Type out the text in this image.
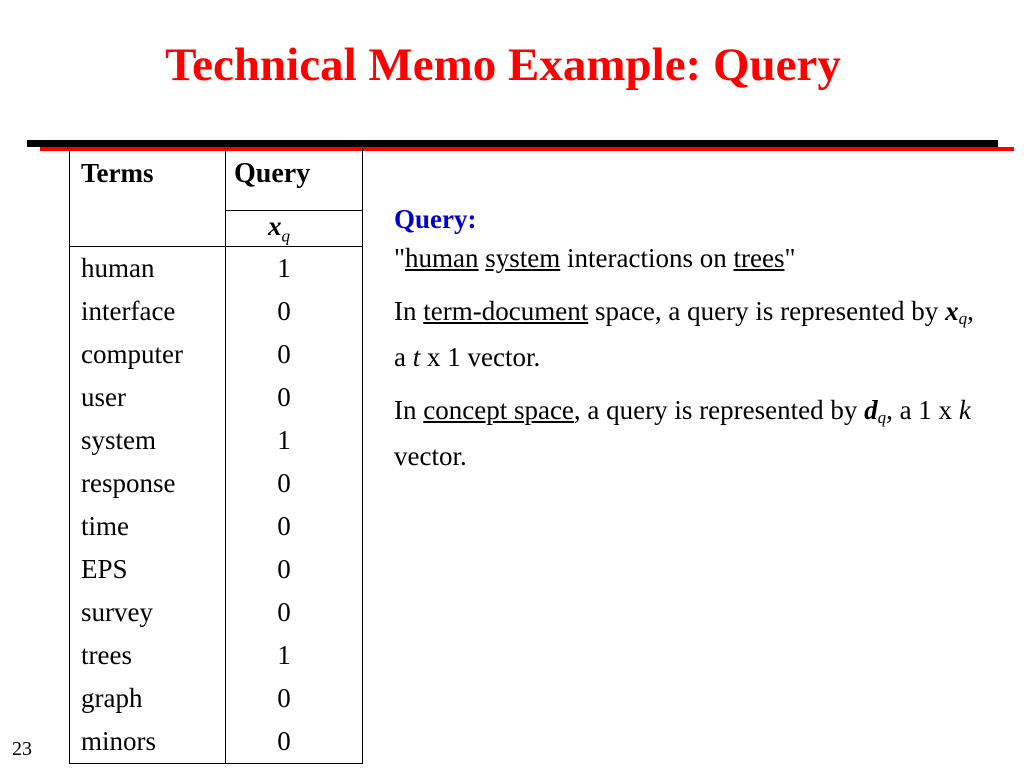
Technical Memo Example: Query
Terms	Query
	$x_q$
human	1
interface	0
computer	0
user	0
system	1
response	0
time	0
EPS	0
survey	0
trees	1
graph	0
minors	0
Query:
"human system interactions on trees"
In term-document space, a query is represented by xq, a t x 1 vector.
In concept space, a query is represented by dq, a 1 x k vector.
23
